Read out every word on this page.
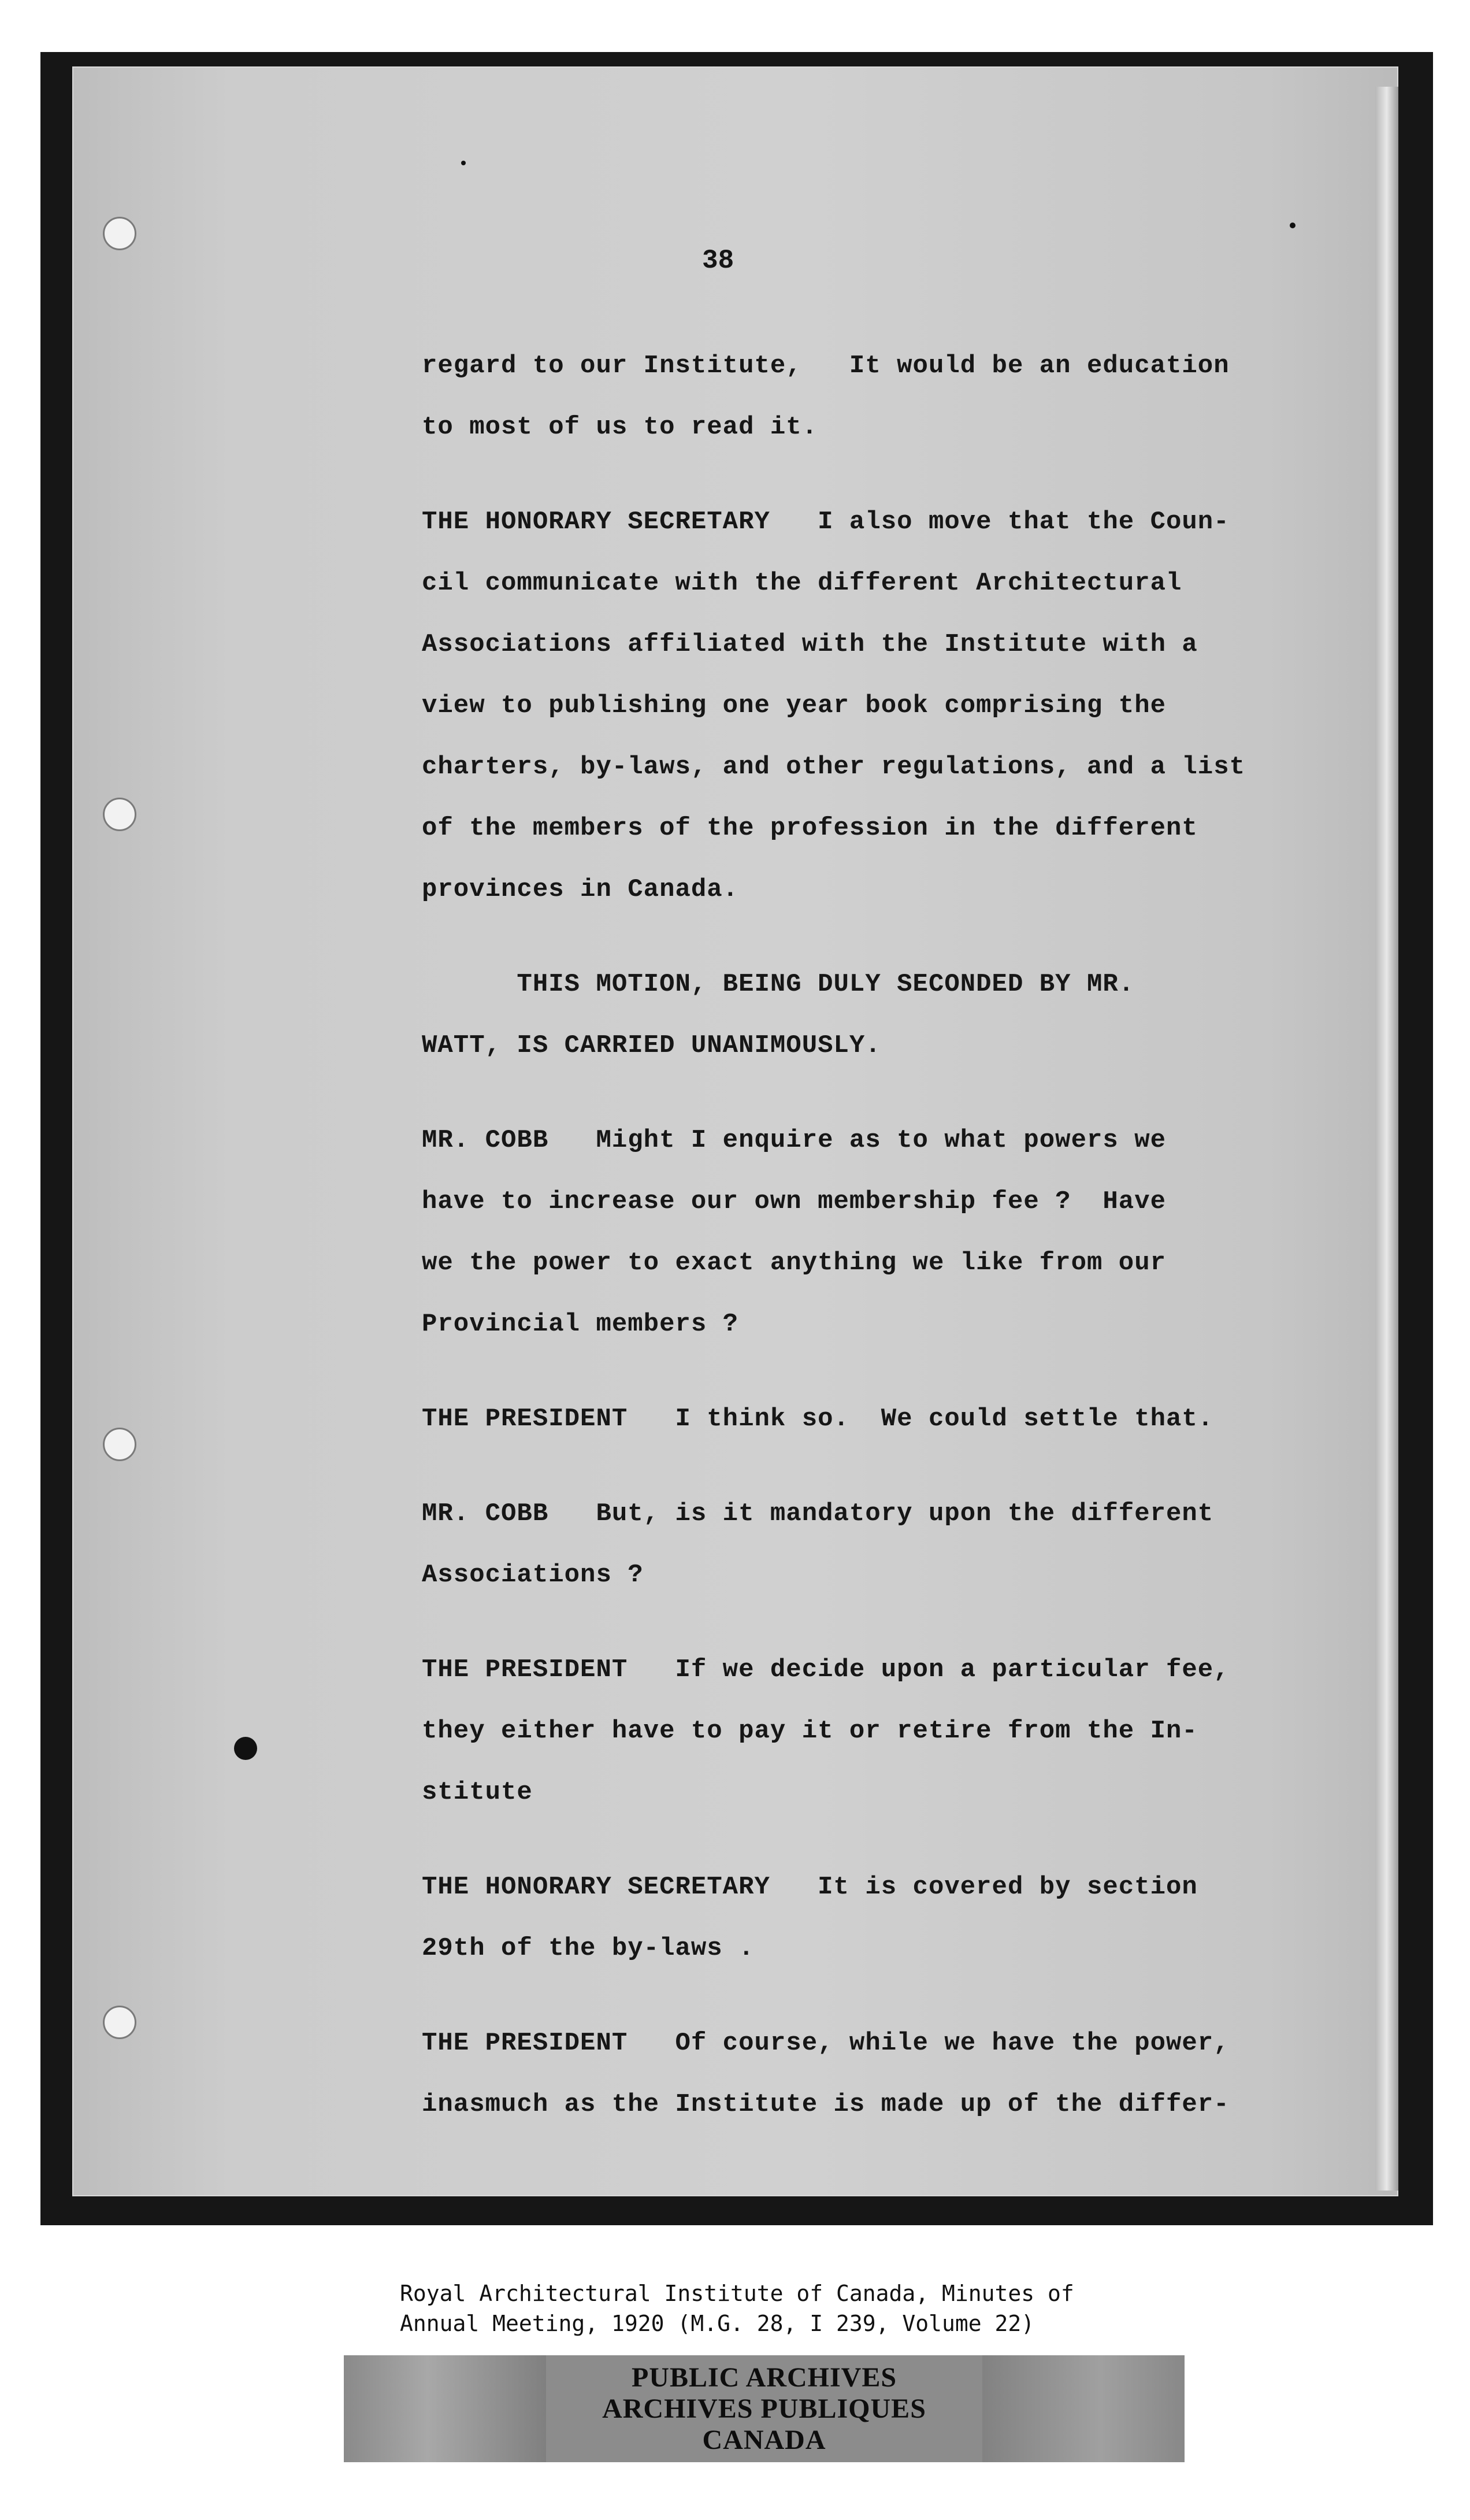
38
regard to our Institute,   It would be an education
to most of us to read it.
THE HONORARY SECRETARY   I also move that the Coun-
cil communicate with the different Architectural
Associations affiliated with the Institute with a
view to publishing one year book comprising the
charters, by-laws, and other regulations, and a list
of the members of the profession in the different
provinces in Canada.
THIS MOTION, BEING DULY SECONDED BY MR.
WATT, IS CARRIED UNANIMOUSLY.
MR. COBB   Might I enquire as to what powers we
have to increase our own membership fee ?  Have
we the power to exact anything we like from our
Provincial members ?
THE PRESIDENT   I think so.  We could settle that.
MR. COBB   But, is it mandatory upon the different
Associations ?
THE PRESIDENT   If we decide upon a particular fee,
they either have to pay it or retire from the In-
stitute
THE HONORARY SECRETARY   It is covered by section
29th of the by-laws .
THE PRESIDENT   Of course, while we have the power,
inasmuch as the Institute is made up of the differ-
Royal Architectural Institute of Canada, Minutes of
Annual Meeting, 1920 (M.G. 28, I 239, Volume 22)
PUBLIC ARCHIVES
ARCHIVES PUBLIQUES
CANADA
